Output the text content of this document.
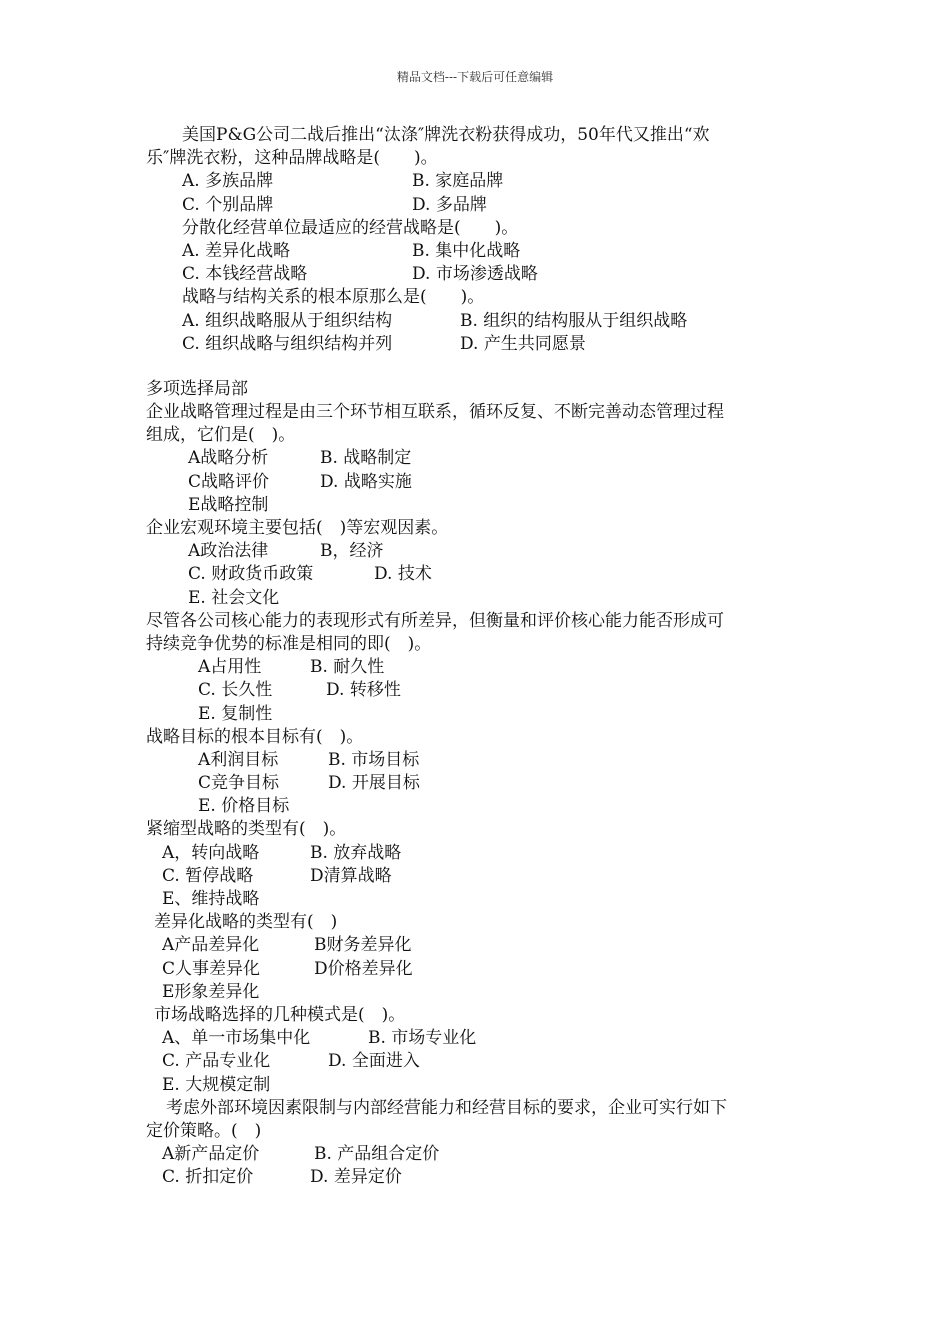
精品文档---下载后可任意编辑
美国P&G公司二战后推出“汰涤″牌洗衣粉获得成功，50年代又推出“欢
乐″牌洗衣粉，这种品牌战略是(　　)。
A. 多族品牌	B. 家庭品牌
C. 个别品牌	D. 多品牌
分散化经营单位最适应的经营战略是(　　)。
A. 差异化战略	B. 集中化战略
C. 本钱经营战略	D. 市场渗透战略
战略与结构关系的根本原那么是(　　)。
A. 组织战略服从于组织结构	B. 组织的结构服从于组织战略
C. 组织战略与组织结构并列	D. 产生共同愿景
多项选择局部
企业战略管理过程是由三个环节相互联系，循环反复、不断完善动态管理过程
组成，它们是(　)。
A战略分析	B. 战略制定
C战略评价	D. 战略实施
E战略控制
企业宏观环境主要包括(　)等宏观因素。
A政治法律	B，经济
C. 财政货币政策	D. 技术
E. 社会文化
尽管各公司核心能力的表现形式有所差异，但衡量和评价核心能力能否形成可
持续竞争优势的标准是相同的即(　)。
A占用性	B. 耐久性
C. 长久性	D. 转移性
E. 复制性
战略目标的根本目标有(　)。
A利润目标	B. 市场目标
C竞争目标	D. 开展目标
E. 价格目标
紧缩型战略的类型有(　)。
A，转向战略	B. 放弃战略
C. 暂停战略	D清算战略
E、维持战略
差异化战略的类型有(　)
A产品差异化	B财务差异化
C人事差异化	D价格差异化
E形象差异化
市场战略选择的几种模式是(　)。
A、单一市场集中化	B. 市场专业化
C. 产品专业化	D. 全面进入
E. 大规模定制
考虑外部环境因素限制与内部经营能力和经营目标的要求，企业可实行如下
定价策略。(　)
A新产品定价	B. 产品组合定价
C. 折扣定价	D. 差异定价
